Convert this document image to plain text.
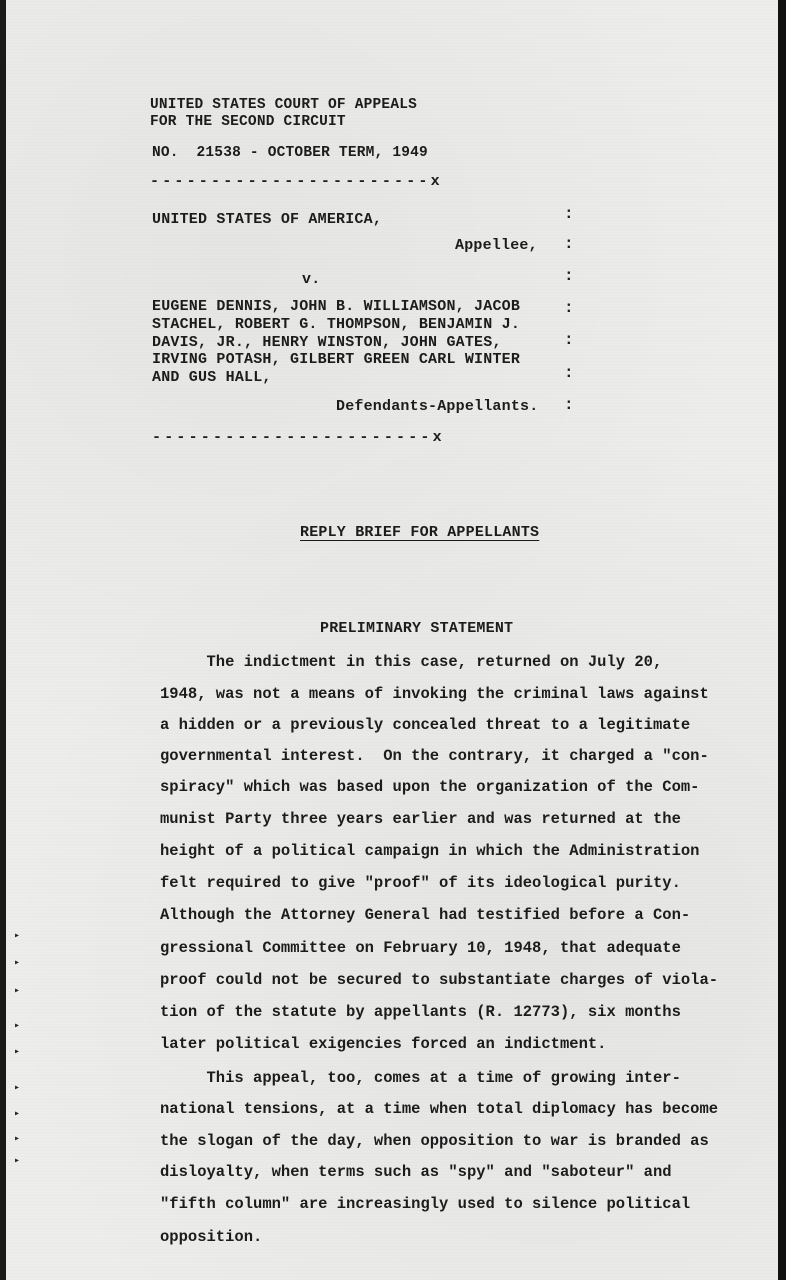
UNITED STATES COURT OF APPEALS
FOR THE SECOND CIRCUIT
NO.  21538 - OCTOBER TERM, 1949
-----------------------x
UNITED STATES OF AMERICA,
Appellee,
v.
EUGENE DENNIS, JOHN B. WILLIAMSON, JACOB
STACHEL, ROBERT G. THOMPSON, BENJAMIN J.
DAVIS, JR., HENRY WINSTON, JOHN GATES,
IRVING POTASH, GILBERT GREEN CARL WINTER
AND GUS HALL,
Defendants-Appellants.
-----------------------x
:
:
:
:
:
:
:
REPLY BRIEF FOR APPELLANTS
PRELIMINARY STATEMENT
The indictment in this case, returned on July 20,
1948, was not a means of invoking the criminal laws against
a hidden or a previously concealed threat to a legitimate
governmental interest.  On the contrary, it charged a "con-
spiracy" which was based upon the organization of the Com-
munist Party three years earlier and was returned at the
height of a political campaign in which the Administration
felt required to give "proof" of its ideological purity.
Although the Attorney General had testified before a Con-
gressional Committee on February 10, 1948, that adequate
proof could not be secured to substantiate charges of viola-
tion of the statute by appellants (R. 12773), six months
later political exigencies forced an indictment.
This appeal, too, comes at a time of growing inter-
national tensions, at a time when total diplomacy has become
the slogan of the day, when opposition to war is branded as
disloyalty, when terms such as "spy" and "saboteur" and
"fifth column" are increasingly used to silence political
opposition.
▸
▸
▸
▸
▸
▸
▸
▸
▸
